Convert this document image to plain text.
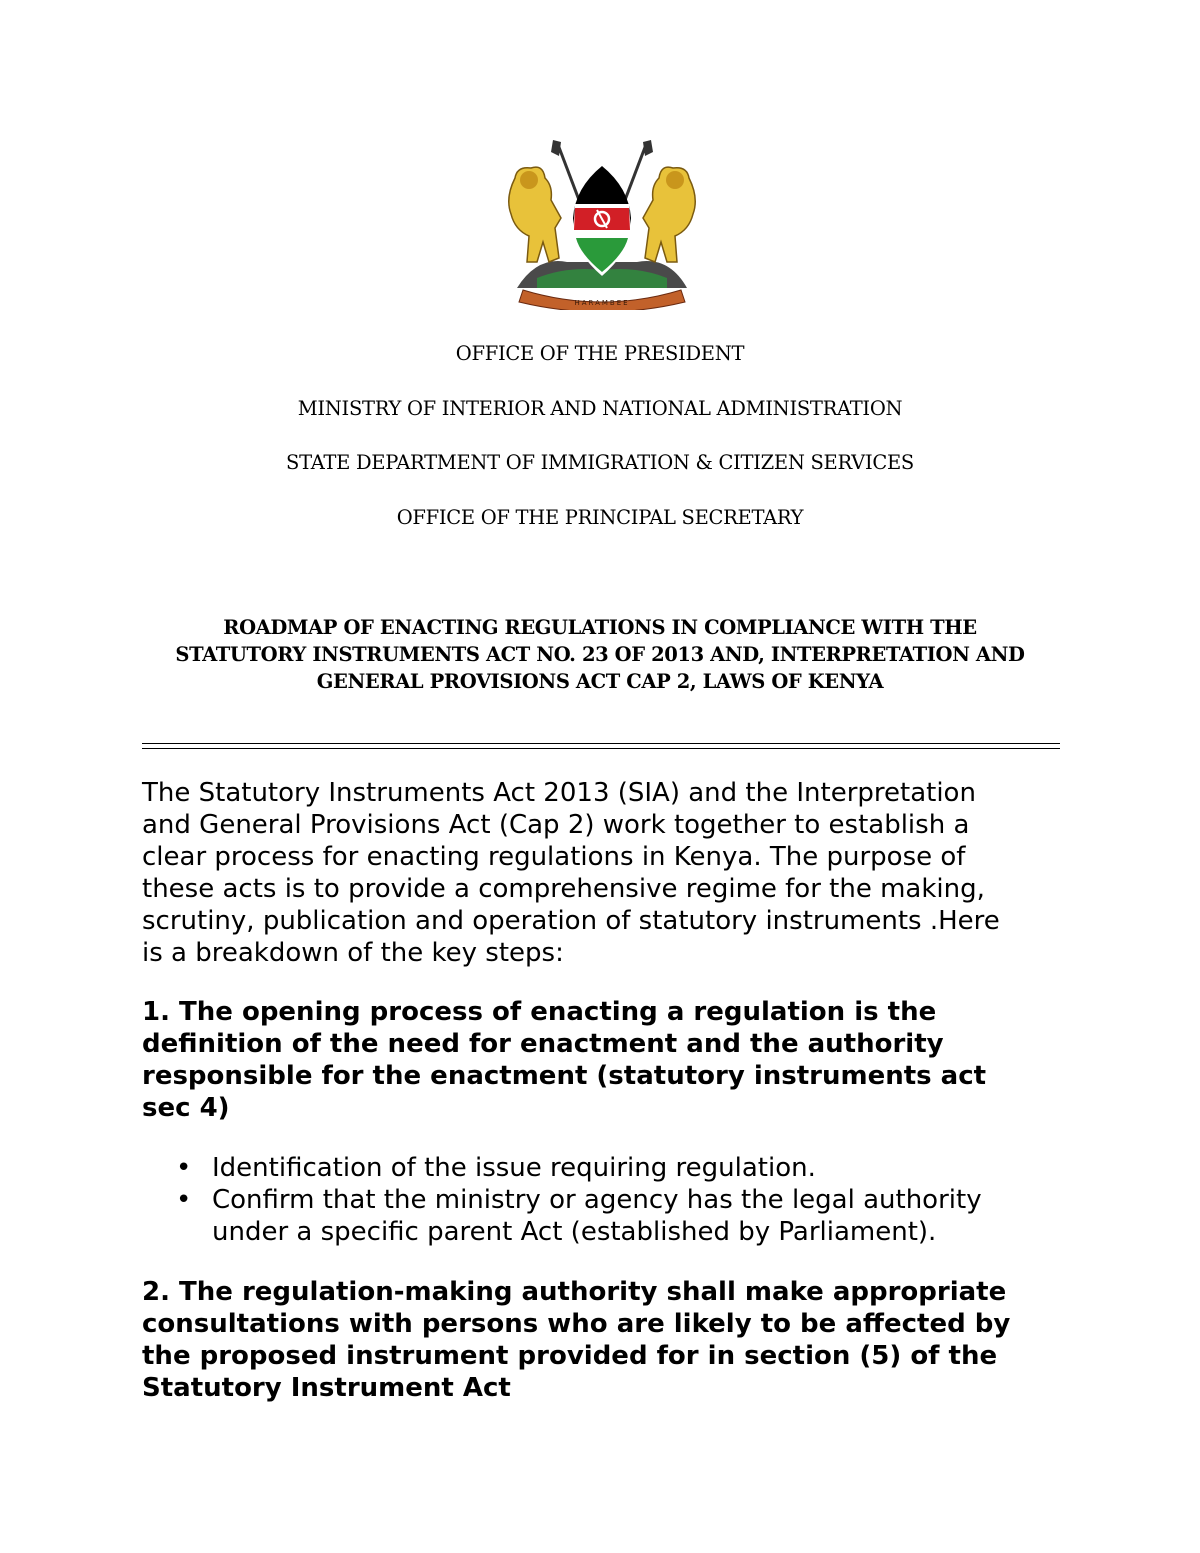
HARAMBEE
OFFICE OF THE PRESIDENT
MINISTRY OF INTERIOR AND NATIONAL ADMINISTRATION
STATE DEPARTMENT OF IMMIGRATION & CITIZEN SERVICES
OFFICE OF THE PRINCIPAL SECRETARY
ROADMAP OF ENACTING REGULATIONS IN COMPLIANCE WITH THE
STATUTORY INSTRUMENTS ACT NO. 23 OF 2013 AND, INTERPRETATION AND
GENERAL PROVISIONS ACT CAP 2, LAWS OF KENYA
The Statutory Instruments Act 2013 (SIA) and the Interpretation
and General Provisions Act (Cap 2) work together to establish a
clear process for enacting regulations in Kenya. The purpose of
these acts is to provide a comprehensive regime for the making,
scrutiny, publication and operation of statutory instruments .Here
is a breakdown of the key steps:
1. The opening process of enacting a regulation is the
definition of the need for enactment and the authority
responsible for the enactment (statutory instruments act
sec 4)
• Identification of the issue requiring regulation.
• Confirm that the ministry or agency has the legal authority
under a specific parent Act (established by Parliament).
2. The regulation-making authority shall make appropriate
consultations with persons who are likely to be affected by
the proposed instrument provided for in section (5) of the
Statutory Instrument Act
